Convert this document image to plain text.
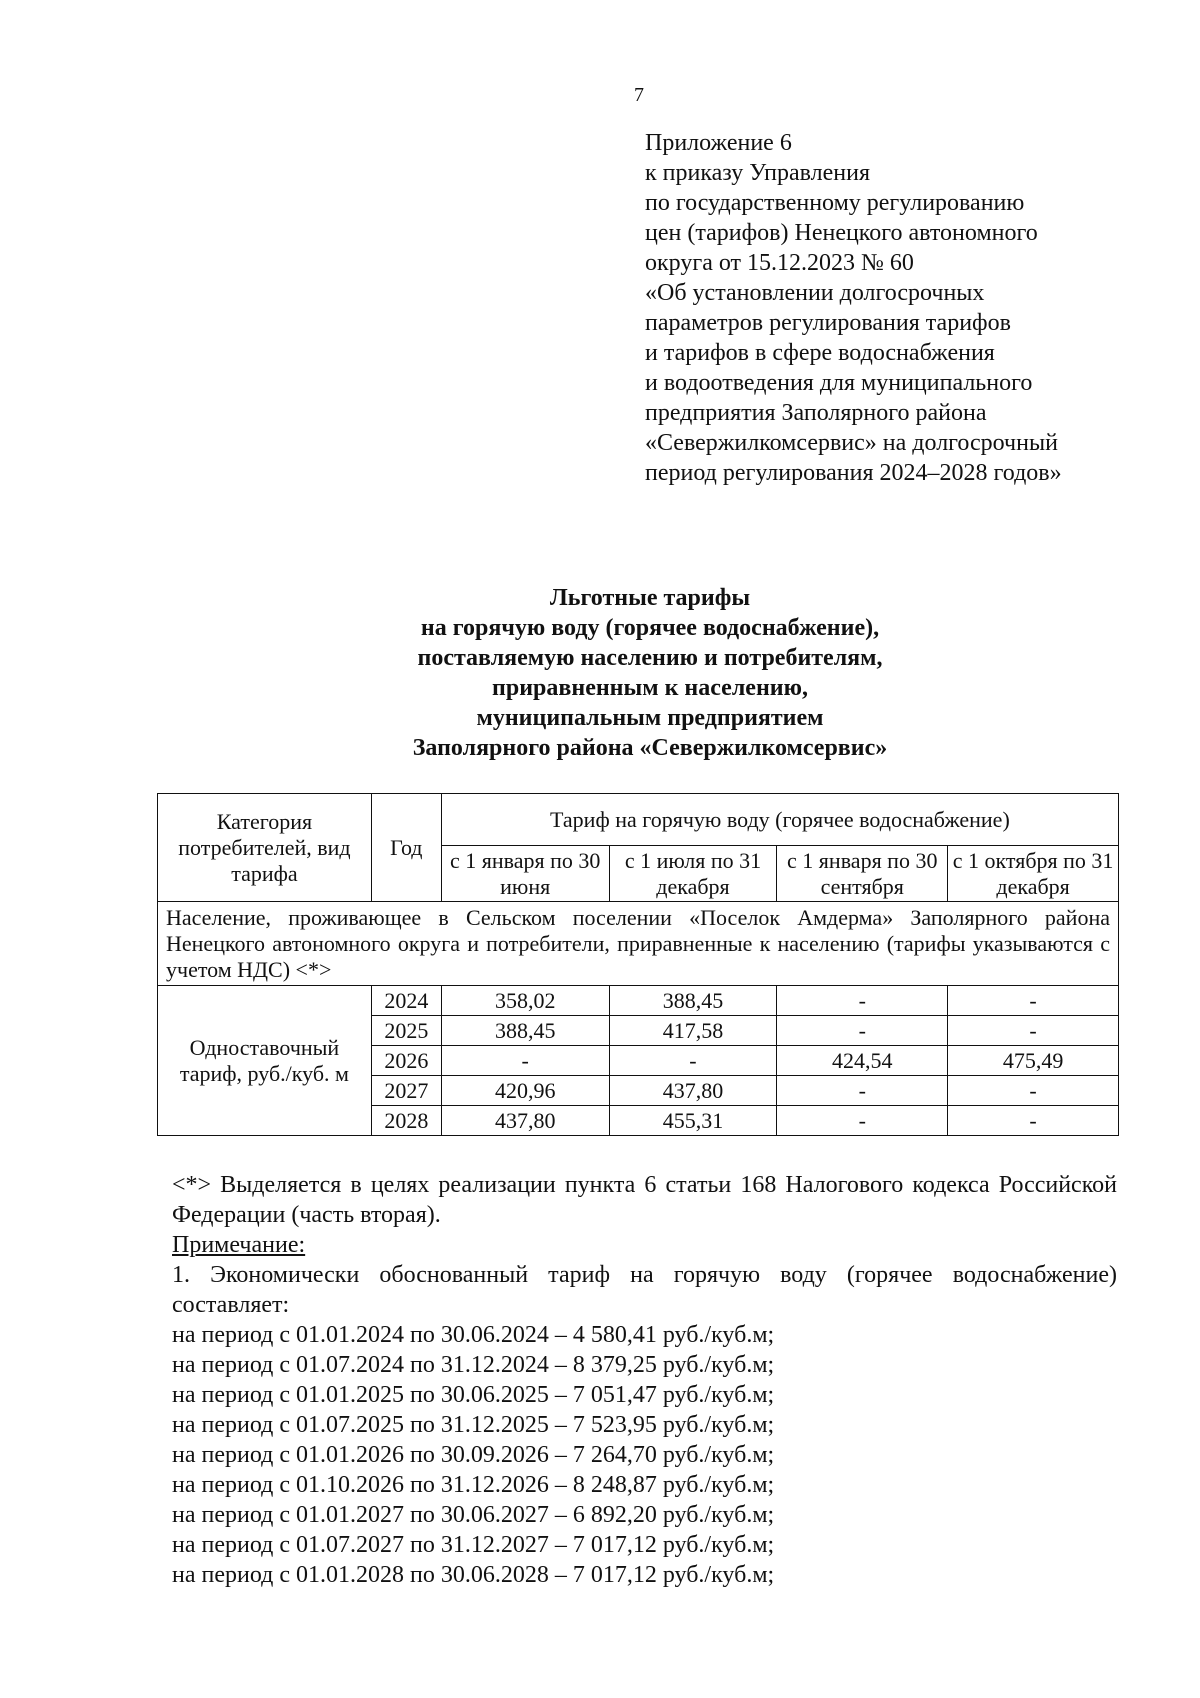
7
Приложение 6
к приказу Управления
по государственному регулированию
цен (тарифов) Ненецкого автономного
округа от 15.12.2023 № 60
«Об установлении долгосрочных
параметров регулирования тарифов
и тарифов в сфере водоснабжения
и водоотведения для муниципального
предприятия Заполярного района
«Севержилкомсервис» на долгосрочный
период регулирования 2024–2028 годов»
Льготные тарифы
на горячую воду (горячее водоснабжение),
поставляемую населению и потребителям,
приравненным к населению,
муниципальным предприятием
Заполярного района «Севержилкомсервис»
Категория потребителей, вид тарифа	Год	Тариф на горячую воду (горячее водоснабжение)			
		с 1 января по 30 июня	с 1 июля по 31 декабря	с 1 января по 30 сентября	с 1 октября по 31 декабря
Население, проживающее в Сельском поселении «Поселок Амдерма» Заполярного района Ненецкого автономного округа и потребители, приравненные к населению (тарифы указываются с учетом НДС) <*>					
Одноставочный тариф, руб./куб. м	2024	358,02	388,45	-	-
	2025	388,45	417,58	-	-
	2026	-	-	424,54	475,49
	2027	420,96	437,80	-	-
	2028	437,80	455,31	-	-
<*> Выделяется в целях реализации пункта 6 статьи 168 Налогового кодекса Российской Федерации (часть вторая).
Примечание:
1. Экономически обоснованный тариф на горячую воду (горячее водоснабжение) составляет:
на период с 01.01.2024 по 30.06.2024 – 4 580,41 руб./куб.м;
на период с 01.07.2024 по 31.12.2024 – 8 379,25 руб./куб.м;
на период с 01.01.2025 по 30.06.2025 – 7 051,47 руб./куб.м;
на период с 01.07.2025 по 31.12.2025 – 7 523,95 руб./куб.м;
на период с 01.01.2026 по 30.09.2026 – 7 264,70 руб./куб.м;
на период с 01.10.2026 по 31.12.2026 – 8 248,87 руб./куб.м;
на период с 01.01.2027 по 30.06.2027 – 6 892,20 руб./куб.м;
на период с 01.07.2027 по 31.12.2027 – 7 017,12 руб./куб.м;
на период с 01.01.2028 по 30.06.2028 – 7 017,12 руб./куб.м;
